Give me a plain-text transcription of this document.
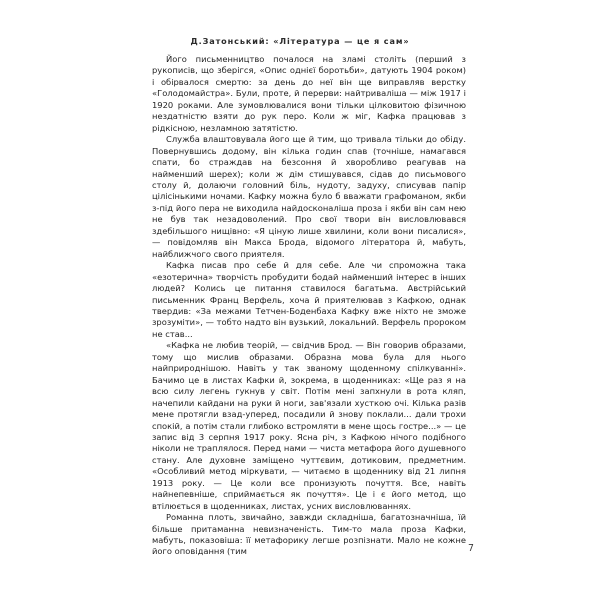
Д.Затонський: «Література — це я сам»

Його письменництво почалося на зламі століть (перший з рукописів, що зберігся, «Опис однієї боротьби», датують 1904 роком) і обірвалося смертю: за день до неї він ще виправляв верстку «Голодомайстра». Були, проте, й перерви: найтриваліша — між 1917 і 1920 роками. Але зумовлювалися вони тільки цілковитою фізичною нездатністю взяти до рук перо. Коли ж міг, Кафка працював з рідкісною, незламною затятістю.

Служба влаштовувала його ще й тим, що тривала тільки до обіду. Повернувшись додому, він кілька годин спав (точніше, намагався спати, бо страждав на безсоння й хворобливо реагував на найменший шерех); коли ж дім стишувався, сідав до письмового столу й, долаючи головний біль, нудоту, задуху, списував папір цілісінькими ночами. Кафку можна було б вважати графоманом, якби з-під його пера не виходила найдосконаліша проза і якби він сам нею не був так незадоволений. Про свої твори він висловлювався здебільшого нищівно: «Я ціную лише хвилини, коли вони писалися», — повідомляв він Макса Брода, відомого літератора й, мабуть, найближчого свого приятеля.

Кафка писав про себе й для себе. Але чи спроможна така «езотерична» творчість пробудити бодай найменший інтерес в інших людей? Колись це питання ставилося багатьма. Австрійський письменник Франц Верфель, хоча й приятелював з Кафкою, однак твердив: «За межами Тетчен-Боденбаха Кафку вже ніхто не зможе зрозуміти», — тобто надто він вузький, локальний. Верфель пророком не став...

«Кафка не любив теорій, — свідчив Брод. — Він говорив образами, тому що мислив образами. Образна мова була для нього найприроднішою. Навіть у так званому щоденному спілкуванні». Бачимо це в листах Кафки й, зокрема, в щоденниках: «Ще раз я на всю силу легень гукнув у світ. Потім мені запхнули в рота кляп, начепили кайдани на руки й ноги, зав'язали хусткою очі. Кілька разів мене протягли взад-уперед, посадили й знову поклали... дали трохи спокій, а потім стали глибоко встромляти в мене щось гостре...» — це запис від 3 серпня 1917 року. Ясна річ, з Кафкою нічого подібного ніколи не траплялося. Перед нами — чиста метафора його душевного стану. Але духовне заміщено чуттєвим, дотиковим, предметним. «Особливий метод міркувати, — читаємо в щоденнику від 21 липня 1913 року. — Це коли все пронизують почуття. Все, навіть найнепевніше, сприймається як почуття». Це і є його метод, що втілюється в щоденниках, листах, усних висловлюваннях.

Романна плоть, звичайно, завжди складніша, багатозначніша, їй більше притаманна невизначеність. Тим-то мала проза Кафки, мабуть, показовіша: її метафорику легше розпізнати. Мало не кожне його оповідання (тим	7
